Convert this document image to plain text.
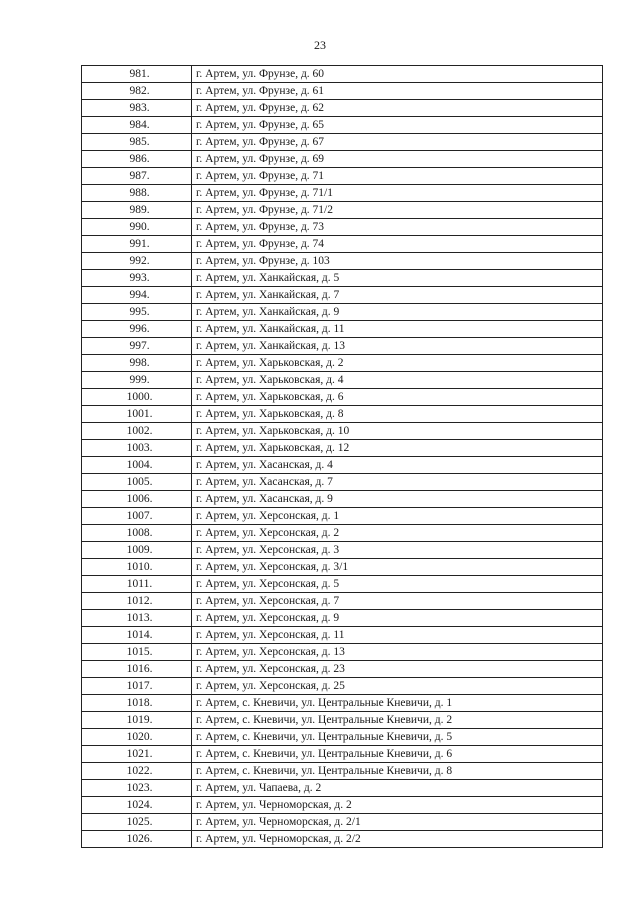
23
981.	г. Артем, ул. Фрунзе, д. 60
982.	г. Артем, ул. Фрунзе, д. 61
983.	г. Артем, ул. Фрунзе, д. 62
984.	г. Артем, ул. Фрунзе, д. 65
985.	г. Артем, ул. Фрунзе, д. 67
986.	г. Артем, ул. Фрунзе, д. 69
987.	г. Артем, ул. Фрунзе, д. 71
988.	г. Артем, ул. Фрунзе, д. 71/1
989.	г. Артем, ул. Фрунзе, д. 71/2
990.	г. Артем, ул. Фрунзе, д. 73
991.	г. Артем, ул. Фрунзе, д. 74
992.	г. Артем, ул. Фрунзе, д. 103
993.	г. Артем, ул. Ханкайская, д. 5
994.	г. Артем, ул. Ханкайская, д. 7
995.	г. Артем, ул. Ханкайская, д. 9
996.	г. Артем, ул. Ханкайская, д. 11
997.	г. Артем, ул. Ханкайская, д. 13
998.	г. Артем, ул. Харьковская, д. 2
999.	г. Артем, ул. Харьковская, д. 4
1000.	г. Артем, ул. Харьковская, д. 6
1001.	г. Артем, ул. Харьковская, д. 8
1002.	г. Артем, ул. Харьковская, д. 10
1003.	г. Артем, ул. Харьковская, д. 12
1004.	г. Артем, ул. Хасанская, д. 4
1005.	г. Артем, ул. Хасанская, д. 7
1006.	г. Артем, ул. Хасанская, д. 9
1007.	г. Артем, ул. Херсонская, д. 1
1008.	г. Артем, ул. Херсонская, д. 2
1009.	г. Артем, ул. Херсонская, д. 3
1010.	г. Артем, ул. Херсонская, д. 3/1
1011.	г. Артем, ул. Херсонская, д. 5
1012.	г. Артем, ул. Херсонская, д. 7
1013.	г. Артем, ул. Херсонская, д. 9
1014.	г. Артем, ул. Херсонская, д. 11
1015.	г. Артем, ул. Херсонская, д. 13
1016.	г. Артем, ул. Херсонская, д. 23
1017.	г. Артем, ул. Херсонская, д. 25
1018.	г. Артем, с. Кневичи, ул. Центральные Кневичи, д. 1
1019.	г. Артем, с. Кневичи, ул. Центральные Кневичи, д. 2
1020.	г. Артем, с. Кневичи, ул. Центральные Кневичи, д. 5
1021.	г. Артем, с. Кневичи, ул. Центральные Кневичи, д. 6
1022.	г. Артем, с. Кневичи, ул. Центральные Кневичи, д. 8
1023.	г. Артем, ул. Чапаева, д. 2
1024.	г. Артем, ул. Черноморская, д. 2
1025.	г. Артем, ул. Черноморская, д. 2/1
1026.	г. Артем, ул. Черноморская, д. 2/2
